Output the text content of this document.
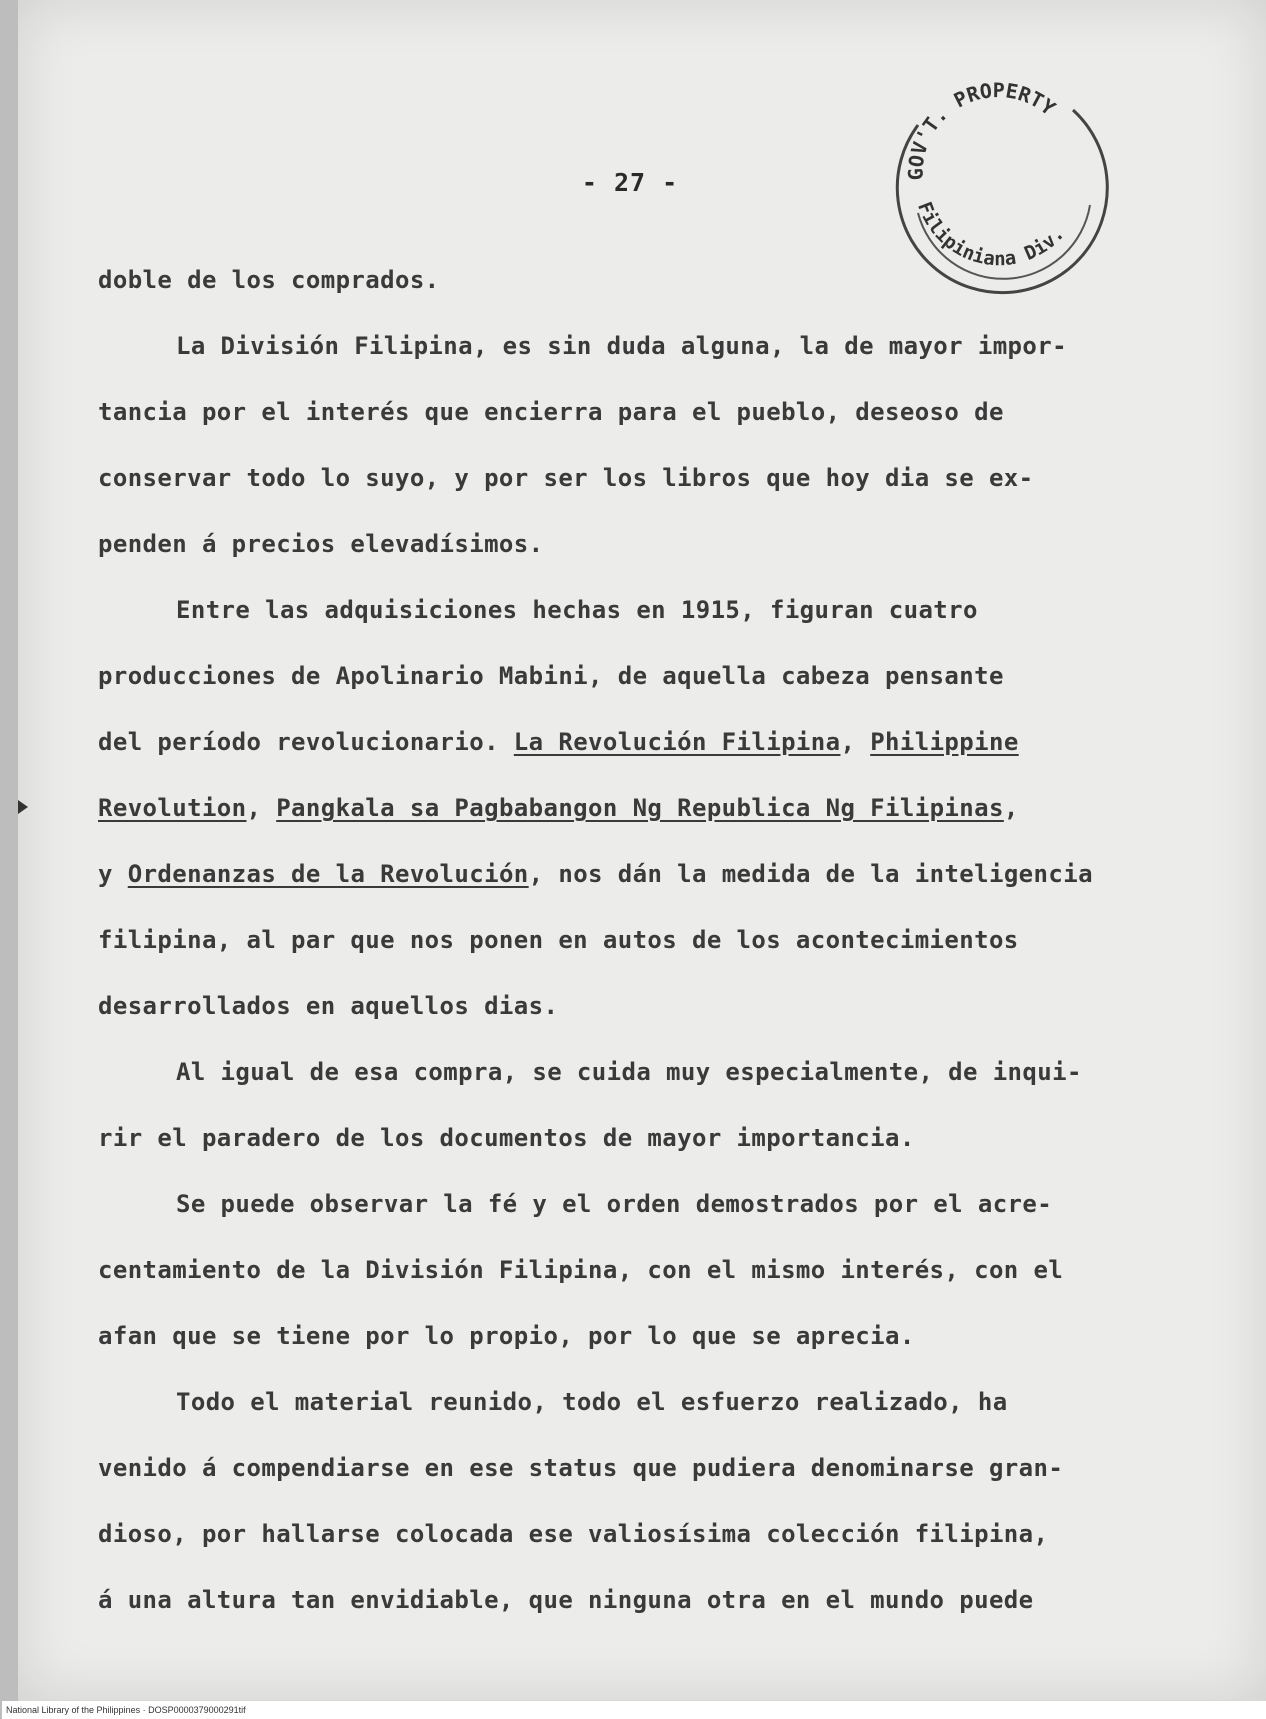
- 27 -	GOV'T. PROPERTY
Filipiniana Div.
doble de los comprados.
La División Filipina, es sin duda alguna, la de mayor impor-
tancia por el interés que encierra para el pueblo, deseoso de
conservar todo lo suyo, y por ser los libros que hoy dia se ex-
penden á precios elevadísimos.
Entre las adquisiciones hechas en 1915, figuran cuatro
producciones de Apolinario Mabini, de aquella cabeza pensante
del período revolucionario. La Revolución Filipina, Philippine
Revolution, Pangkala sa Pagbabangon Ng Republica Ng Filipinas,
y Ordenanzas de la Revolución, nos dán la medida de la inteligencia
filipina, al par que nos ponen en autos de los acontecimientos
desarrollados en aquellos dias.
Al igual de esa compra, se cuida muy especialmente, de inqui-
rir el paradero de los documentos de mayor importancia.
Se puede observar la fé y el orden demostrados por el acre-
centamiento de la División Filipina, con el mismo interés, con el
afan que se tiene por lo propio, por lo que se aprecia.
Todo el material reunido, todo el esfuerzo realizado, ha
venido á compendiarse en ese status que pudiera denominarse gran-
dioso, por hallarse colocada ese valiosísima colección filipina,
á una altura tan envidiable, que ninguna otra en el mundo puede
National Library of the Philippines · DOSP0000379000291tif
